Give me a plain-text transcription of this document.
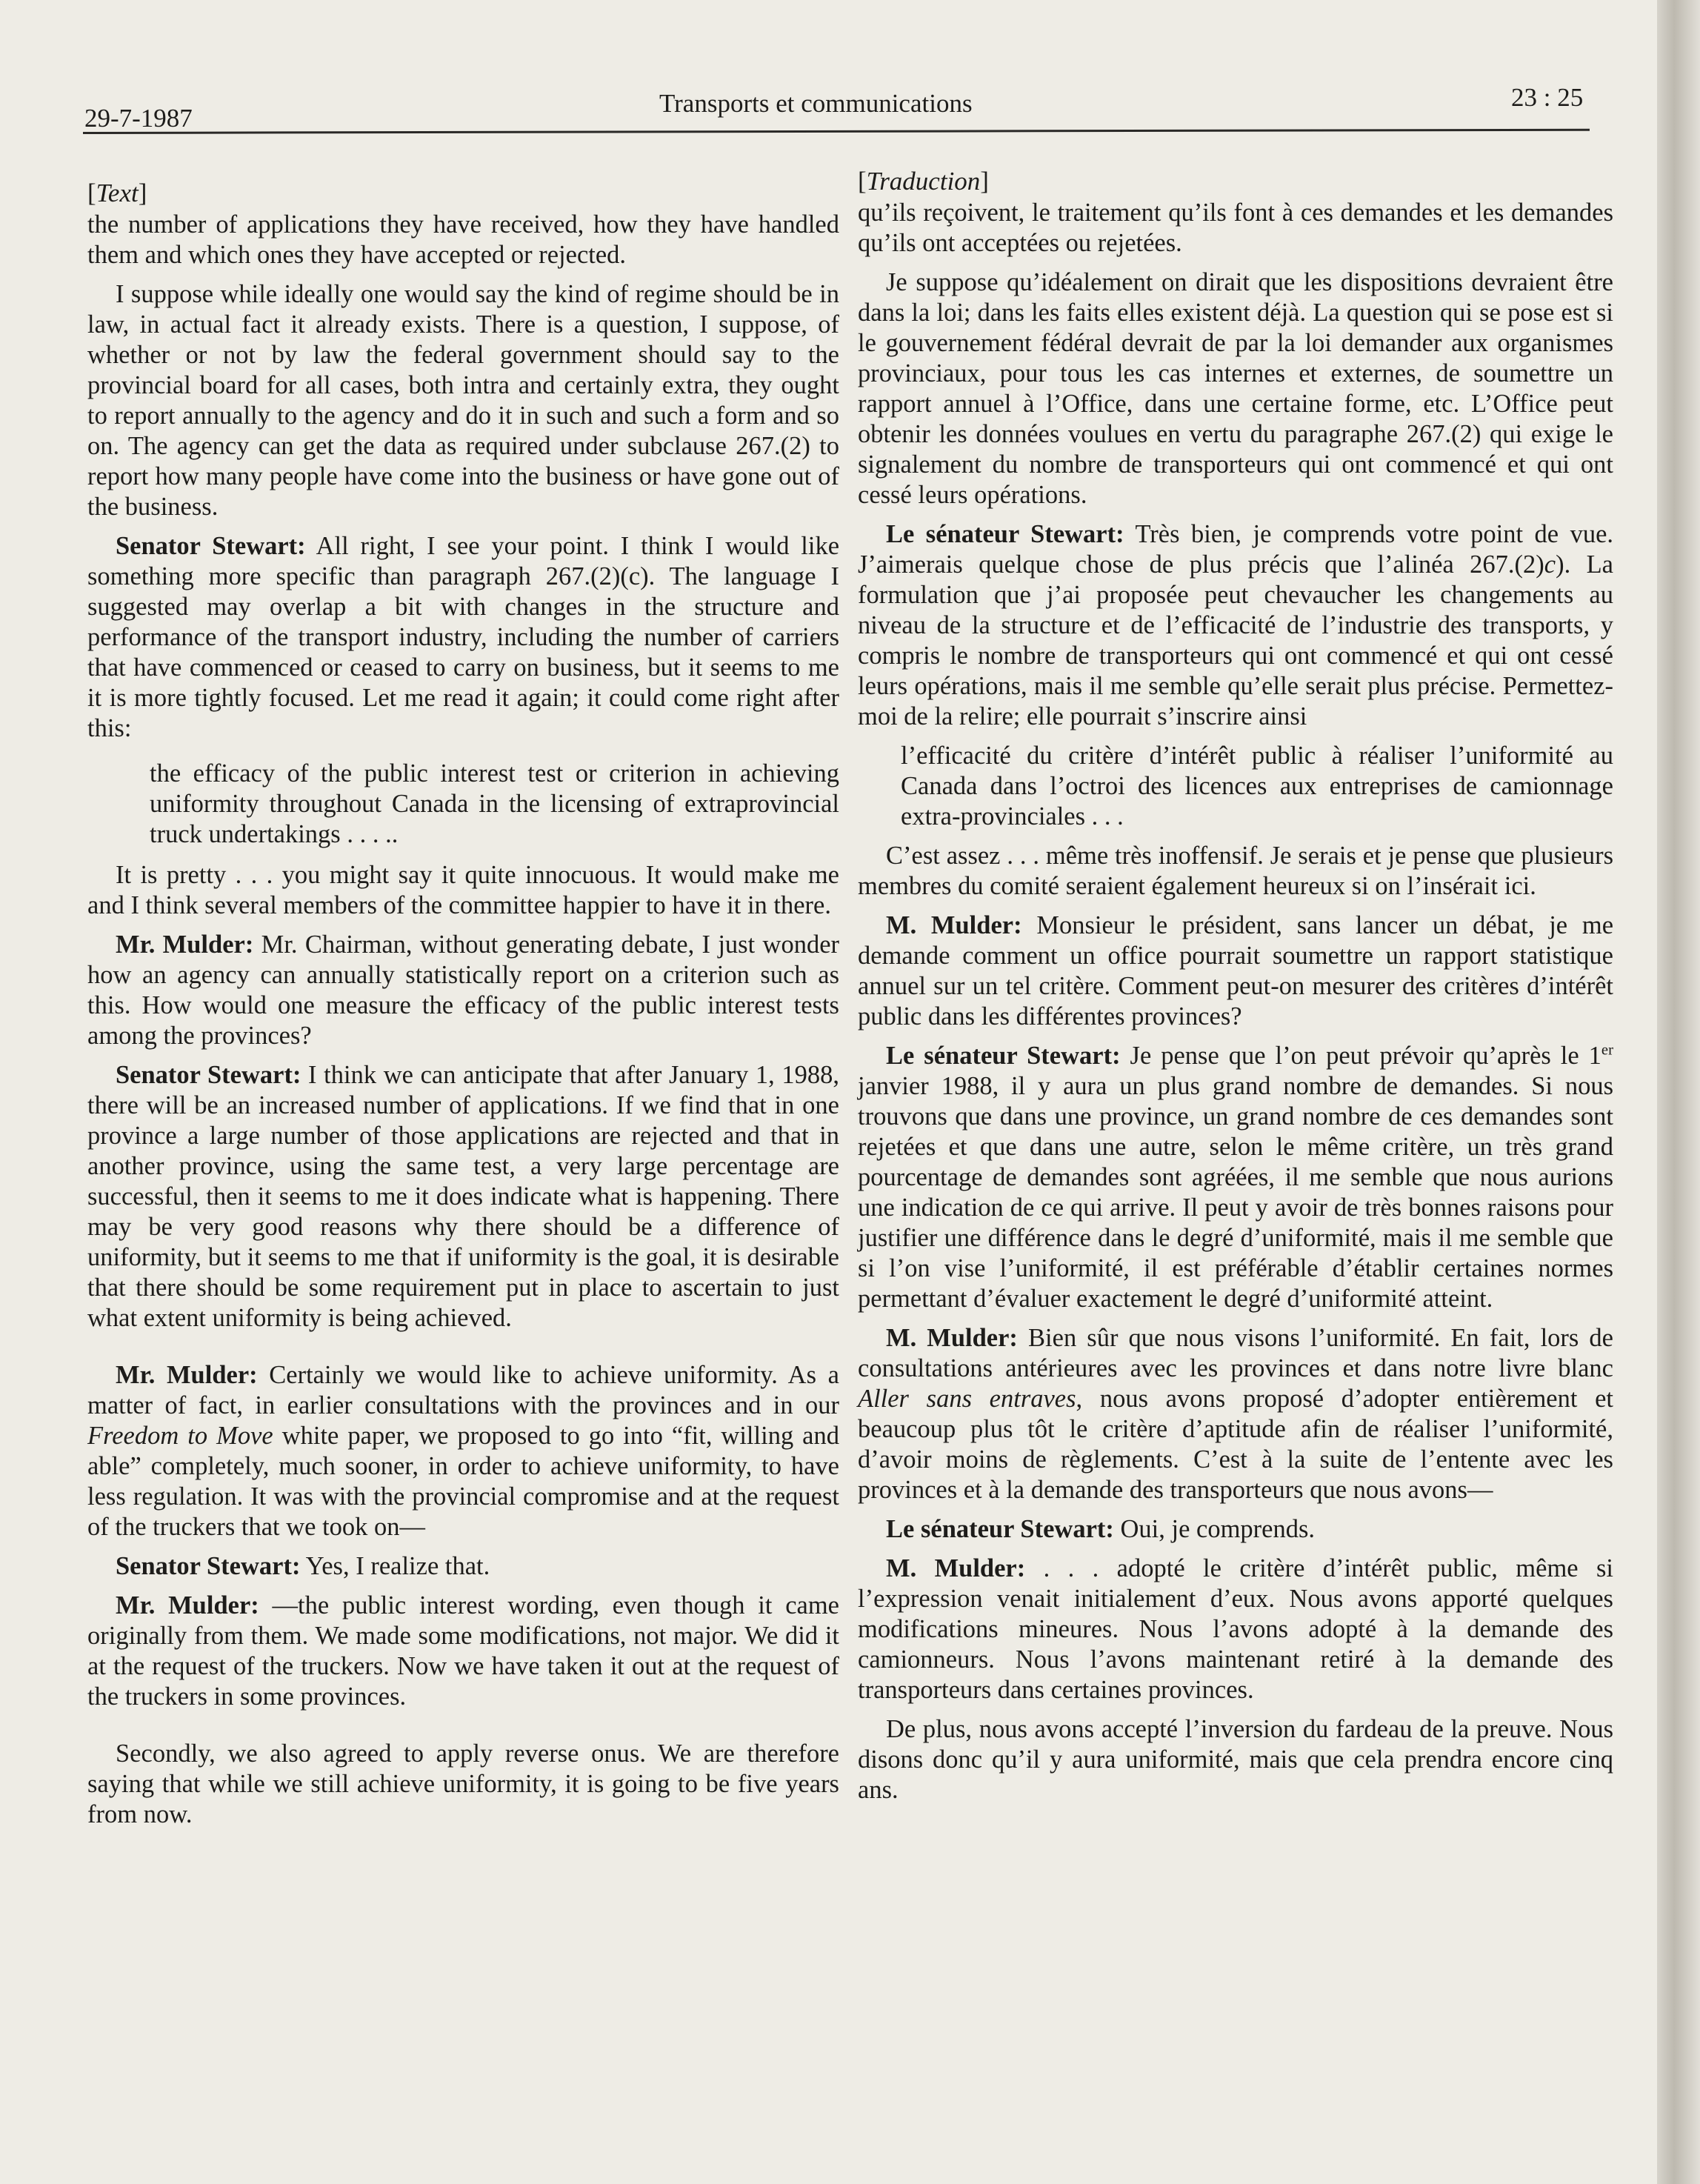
29-7-1987
Transports et communications	23 : 25
[Text]

the number of applications they have received, how they have handled them and which ones they have accepted or rejected.

I suppose while ideally one would say the kind of regime should be in law, in actual fact it already exists. There is a question, I suppose, of whether or not by law the federal government should say to the provincial board for all cases, both intra and certainly extra, they ought to report annually to the agency and do it in such and such a form and so on. The agency can get the data as required under subclause 267.(2) to report how many people have come into the business or have gone out of the business.

Senator Stewart: All right, I see your point. I think I would like something more specific than paragraph 267.(2)(c). The language I suggested may overlap a bit with changes in the structure and performance of the transport industry, including the number of carriers that have commenced or ceased to carry on business, but it seems to me it is more tightly focused. Let me read it again; it could come right after this:

the efficacy of the public interest test or criterion in achieving uniformity throughout Canada in the licensing of extraprovincial truck undertakings . . . ..

It is pretty . . . you might say it quite innocuous. It would make me and I think several members of the committee happier to have it in there.

Mr. Mulder: Mr. Chairman, without generating debate, I just wonder how an agency can annually statistically report on a criterion such as this. How would one measure the efficacy of the public interest tests among the provinces?

Senator Stewart: I think we can anticipate that after January 1, 1988, there will be an increased number of applications. If we find that in one province a large number of those applications are rejected and that in another province, using the same test, a very large percentage are successful, then it seems to me it does indicate what is happening. There may be very good reasons why there should be a difference of uniformity, but it seems to me that if uniformity is the goal, it is desirable that there should be some requirement put in place to ascertain to just what extent uniformity is being achieved.

Mr. Mulder: Certainly we would like to achieve uniformity. As a matter of fact, in earlier consultations with the provinces and in our Freedom to Move white paper, we proposed to go into “fit, willing and able” completely, much sooner, in order to achieve uniformity, to have less regulation. It was with the provincial compromise and at the request of the truckers that we took on—

Senator Stewart: Yes, I realize that.

Mr. Mulder: —the public interest wording, even though it came originally from them. We made some modifications, not major. We did it at the request of the truckers. Now we have taken it out at the request of the truckers in some provinces.

Secondly, we also agreed to apply reverse onus. We are therefore saying that while we still achieve uniformity, it is going to be five years from now.

[Traduction]

qu’ils reçoivent, le traitement qu’ils font à ces demandes et les demandes qu’ils ont acceptées ou rejetées.

Je suppose qu’idéalement on dirait que les dispositions devraient être dans la loi; dans les faits elles existent déjà. La question qui se pose est si le gouvernement fédéral devrait de par la loi demander aux organismes provinciaux, pour tous les cas internes et externes, de soumettre un rapport annuel à l’Office, dans une certaine forme, etc. L’Office peut obtenir les données voulues en vertu du paragraphe 267.(2) qui exige le signalement du nombre de transporteurs qui ont commencé et qui ont cessé leurs opérations.

Le sénateur Stewart: Très bien, je comprends votre point de vue. J’aimerais quelque chose de plus précis que l’alinéa 267.(2)c). La formulation que j’ai proposée peut chevaucher les changements au niveau de la structure et de l’efficacité de l’industrie des transports, y compris le nombre de transporteurs qui ont commencé et qui ont cessé leurs opérations, mais il me semble qu’elle serait plus précise. Permettez-moi de la relire; elle pourrait s’inscrire ainsi

l’efficacité du critère d’intérêt public à réaliser l’uniformité au Canada dans l’octroi des licences aux entreprises de camionnage extra-provinciales . . .

C’est assez . . . même très inoffensif. Je serais et je pense que plusieurs membres du comité seraient également heureux si on l’insérait ici.

M. Mulder: Monsieur le président, sans lancer un débat, je me demande comment un office pourrait soumettre un rapport statistique annuel sur un tel critère. Comment peut-on mesurer des critères d’intérêt public dans les différentes provinces?

Le sénateur Stewart: Je pense que l’on peut prévoir qu’après le 1er janvier 1988, il y aura un plus grand nombre de demandes. Si nous trouvons que dans une province, un grand nombre de ces demandes sont rejetées et que dans une autre, selon le même critère, un très grand pourcentage de demandes sont agréées, il me semble que nous aurions une indication de ce qui arrive. Il peut y avoir de très bonnes raisons pour justifier une différence dans le degré d’uniformité, mais il me semble que si l’on vise l’uniformité, il est préférable d’établir certaines normes permettant d’évaluer exactement le degré d’uniformité atteint.

M. Mulder: Bien sûr que nous visons l’uniformité. En fait, lors de consultations antérieures avec les provinces et dans notre livre blanc Aller sans entraves, nous avons proposé d’adopter entièrement et beaucoup plus tôt le critère d’aptitude afin de réaliser l’uniformité, d’avoir moins de règlements. C’est à la suite de l’entente avec les provinces et à la demande des transporteurs que nous avons—

Le sénateur Stewart: Oui, je comprends.

M. Mulder: . . . adopté le critère d’intérêt public, même si l’expression venait initialement d’eux. Nous avons apporté quelques modifications mineures. Nous l’avons adopté à la demande des camionneurs. Nous l’avons maintenant retiré à la demande des transporteurs dans certaines provinces.

De plus, nous avons accepté l’inversion du fardeau de la preuve. Nous disons donc qu’il y aura uniformité, mais que cela prendra encore cinq ans.
